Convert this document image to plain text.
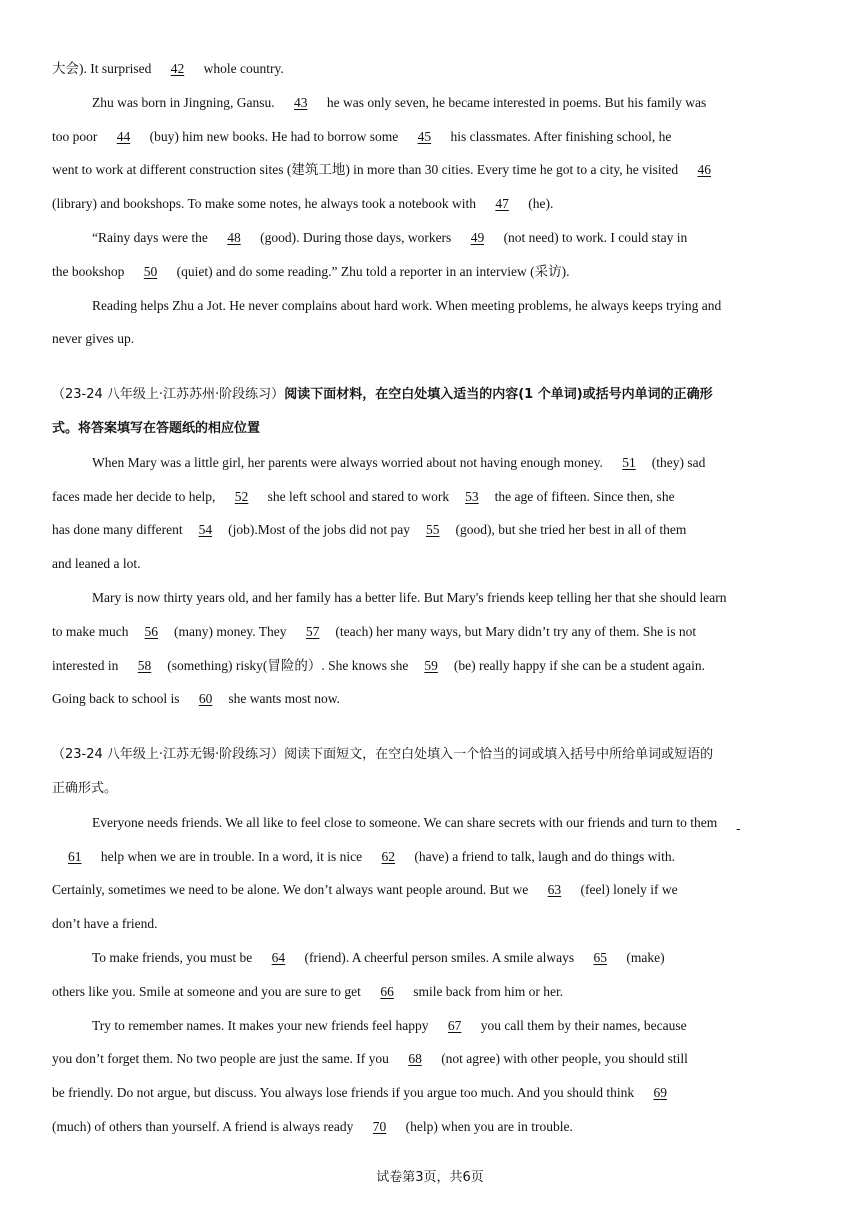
大会). It surprised 42 whole country.
Zhu was born in Jingning, Gansu. 43 he was only seven, he became interested in poems. But his family was
too poor 44 (buy) him new books. He had to borrow some 45 his classmates. After finishing school, he
went to work at different construction sites (建筑工地) in more than 30 cities. Every time he got to a city, he visited 46
(library) and bookshops. To make some notes, he always took a notebook with 47 (he).
“Rainy days were the 48 (good). During those days, workers 49 (not need) to work. I could stay in
the bookshop 50 (quiet) and do some reading.” Zhu told a reporter in an interview (采访).
Reading helps Zhu a Jot. He never complains about hard work. When meeting problems, he always keeps trying and
never gives up.
（23-24 八年级上·江苏苏州·阶段练习）阅读下面材料，在空白处填入适当的内容(1 个单词)或括号内单词的正确形
式。将答案填写在答题纸的相应位置
When Mary was a little girl, her parents were always worried about not having enough money. 51 (they) sad
faces made her decide to help, 52 she left school and stared to work 53 the age of fifteen. Since then, she
has done many different 54 (job).Most of the jobs did not pay 55 (good), but she tried her best in all of them
and leaned a lot.
Mary is now thirty years old, and her family has a better life. But Mary's friends keep telling her that she should learn
to make much 56 (many) money. They 57 (teach) her many ways, but Mary didn’t try any of them. She is not
interested in 58 (something) risky(冒险的）. She knows she 59 (be) really happy if she can be a student again.
Going back to school is 60 she wants most now.
（23-24 八年级上·江苏无锡·阶段练习）阅读下面短文，在空白处填入一个恰当的词或填入括号中所给单词或短语的
正确形式。
Everyone needs friends. We all like to feel close to someone. We can share secrets with our friends and turn to them
61 help when we are in trouble. In a word, it is nice 62 (have) a friend to talk, laugh and do things with.
Certainly, sometimes we need to be alone. We don’t always want people around. But we 63 (feel) lonely if we
don’t have a friend.
To make friends, you must be 64 (friend). A cheerful person smiles. A smile always 65 (make)
others like you. Smile at someone and you are sure to get 66 smile back from him or her.
Try to remember names. It makes your new friends feel happy 67 you call them by their names, because
you don’t forget them. No two people are just the same. If you 68 (not agree) with other people, you should still
be friendly. Do not argue, but discuss. You always lose friends if you argue too much. And you should think 69
(much) of others than yourself. A friend is always ready 70 (help) when you are in trouble.
试卷第3页，共6页
